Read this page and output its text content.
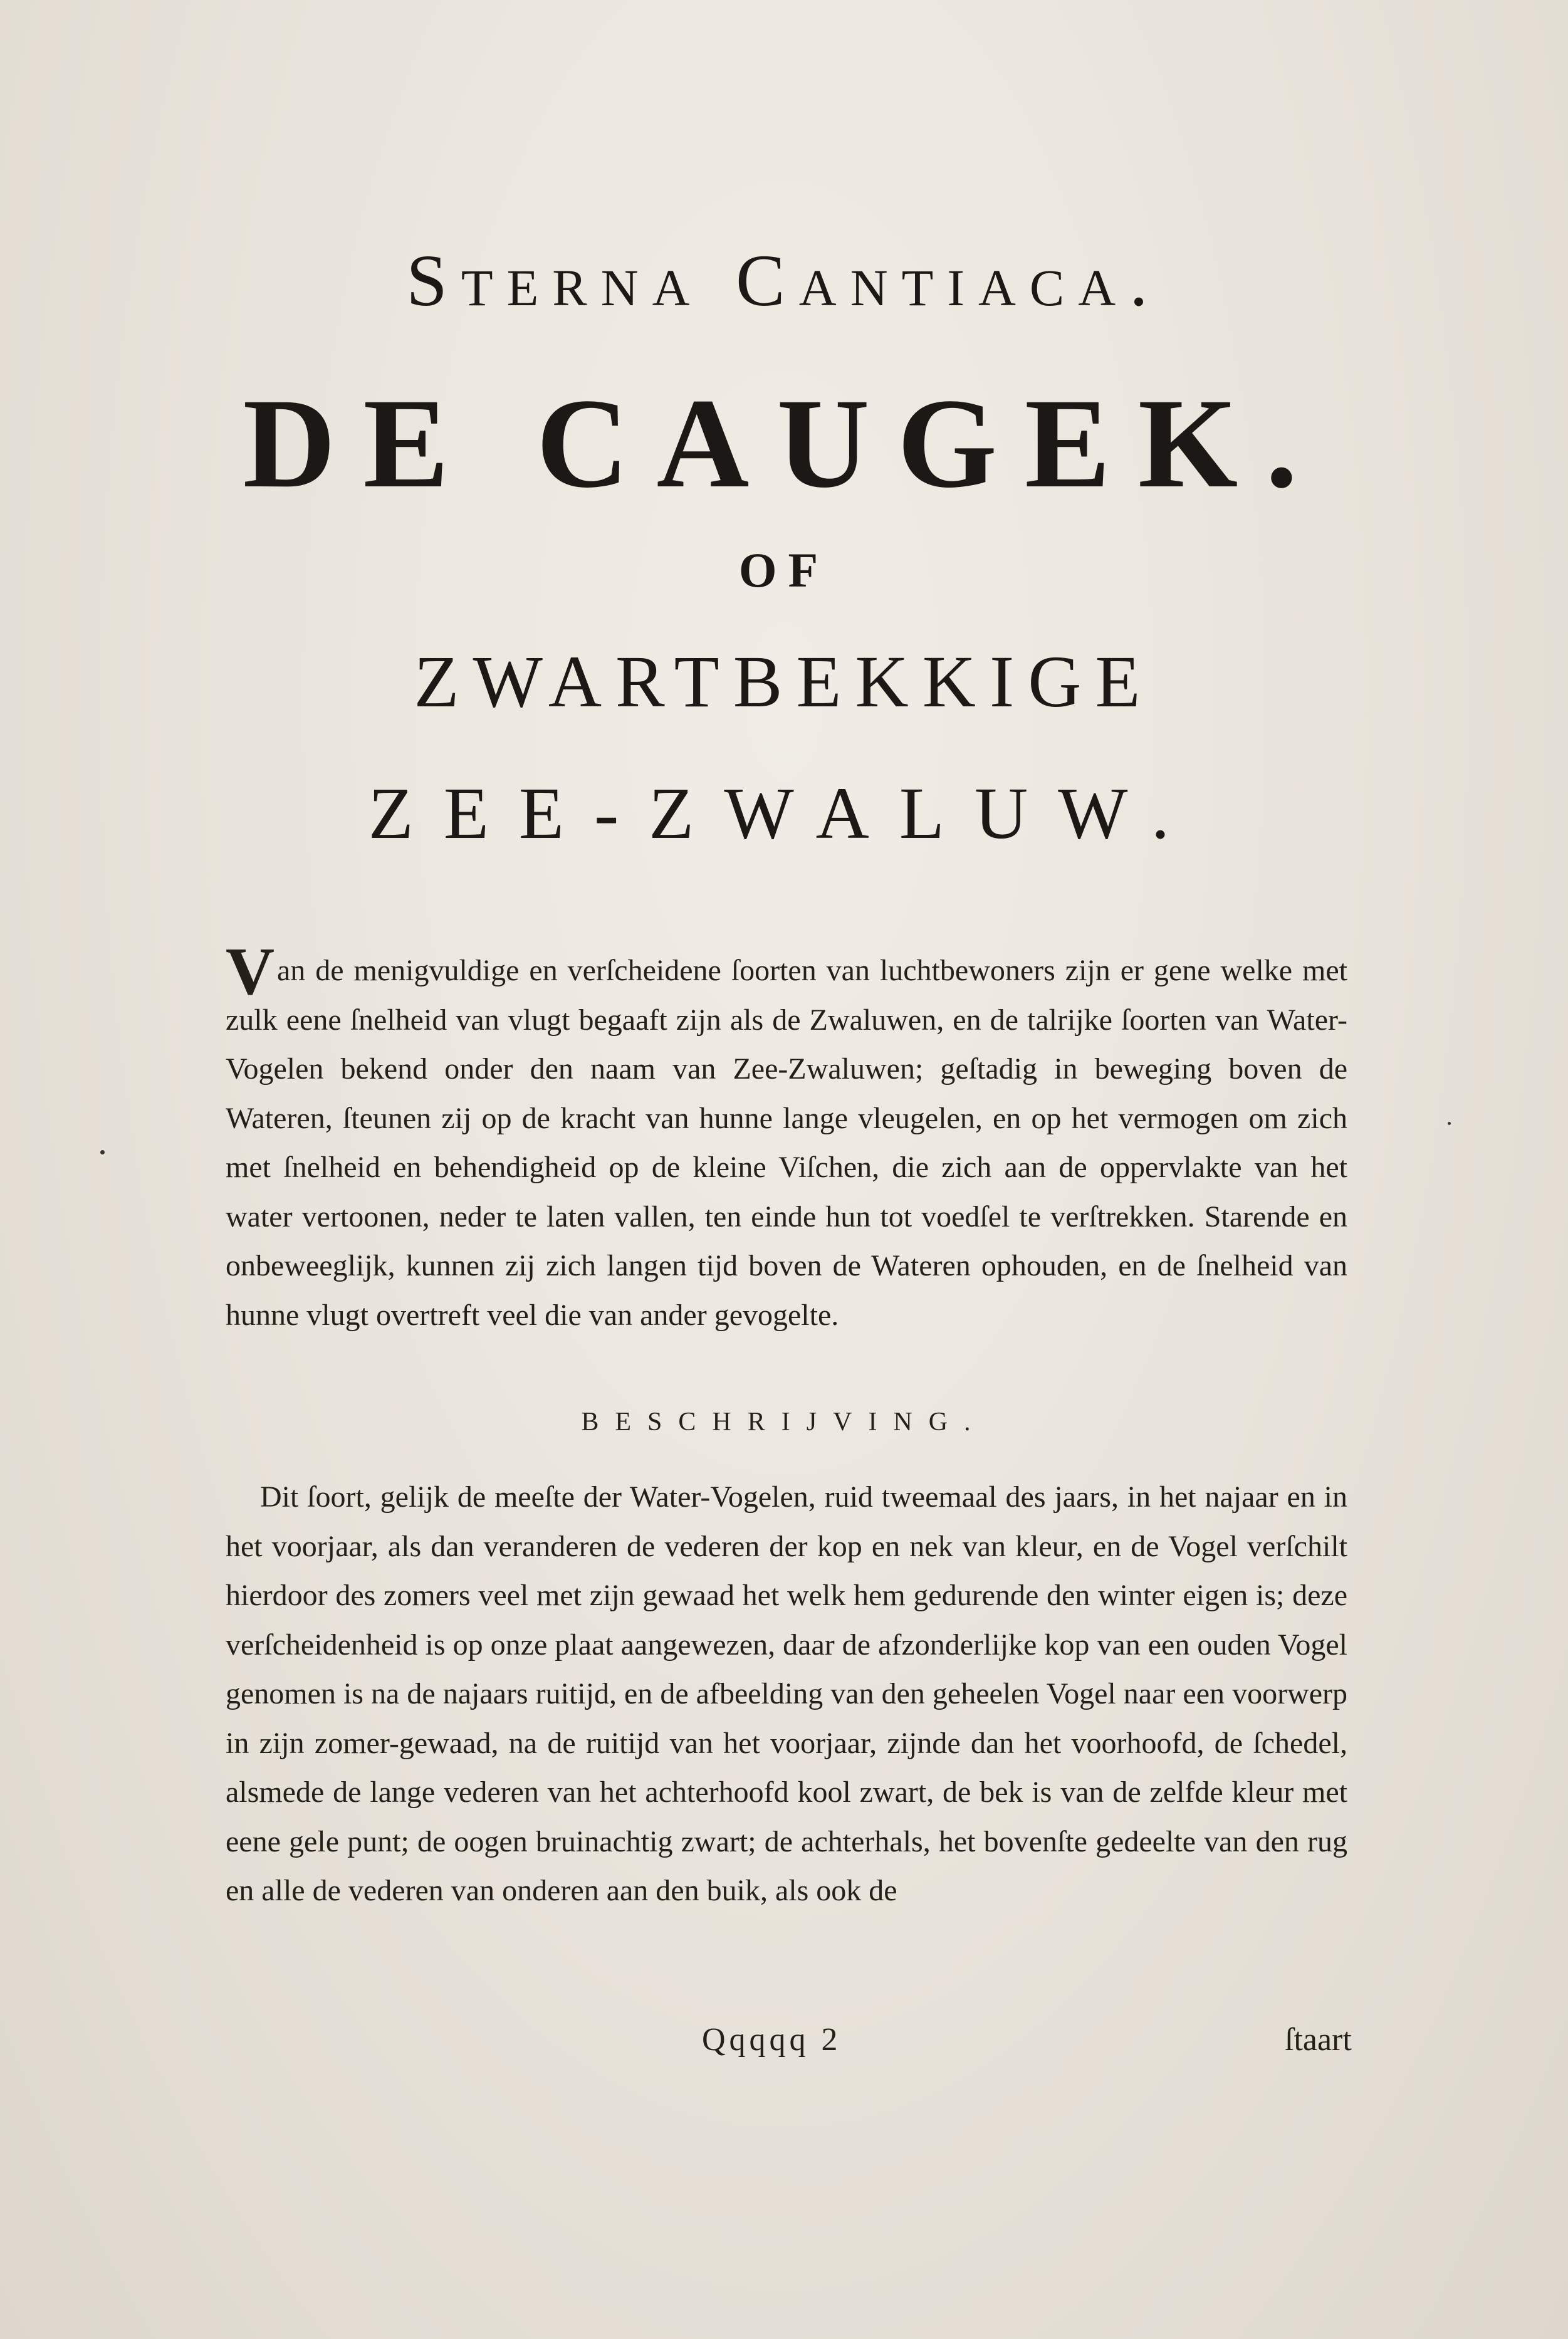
Sterna Cantiaca.
DE CAUGEK.
OF
ZWARTBEKKIGE
ZEE-ZWALUW.
Van de menigvuldige en verſcheidene ſoorten van luchtbewoners zijn er gene welke met zulk eene ſnelheid van vlugt begaaft zijn als de Zwaluwen, en de talrijke ſoorten van Water-Vogelen bekend onder den naam van Zee-Zwaluwen; geſtadig in beweging boven de Wateren, ſteunen zij op de kracht van hunne lange vleugelen, en op het vermogen om zich met ſnelheid en behendigheid op de kleine Viſchen, die zich aan de oppervlakte van het water vertoonen, neder te laten vallen, ten einde hun tot voedſel te verſtrekken. Starende en onbeweeglijk, kunnen zij zich langen tijd boven de Wateren ophouden, en de ſnelheid van hunne vlugt overtreft veel die van ander gevogelte.
BESCHRIJVING.
Dit ſoort, gelijk de meeſte der Water-Vogelen, ruid tweemaal des jaars, in het najaar en in het voorjaar, als dan veranderen de vederen der kop en nek van kleur, en de Vogel verſchilt hierdoor des zomers veel met zijn gewaad het welk hem gedurende den winter eigen is; deze verſcheidenheid is op onze plaat aangewezen, daar de afzonderlijke kop van een ouden Vogel genomen is na de najaars ruitijd, en de afbeelding van den geheelen Vogel naar een voorwerp in zijn zomer-gewaad, na de ruitijd van het voorjaar, zijnde dan het voorhoofd, de ſchedel, alsmede de lange vederen van het achterhoofd kool zwart, de bek is van de zelfde kleur met eene gele punt; de oogen bruinachtig zwart; de achterhals, het bovenſte gedeelte van den rug en alle de vederen van onderen aan den buik, als ook de
Qqqqq 2	ſtaart
